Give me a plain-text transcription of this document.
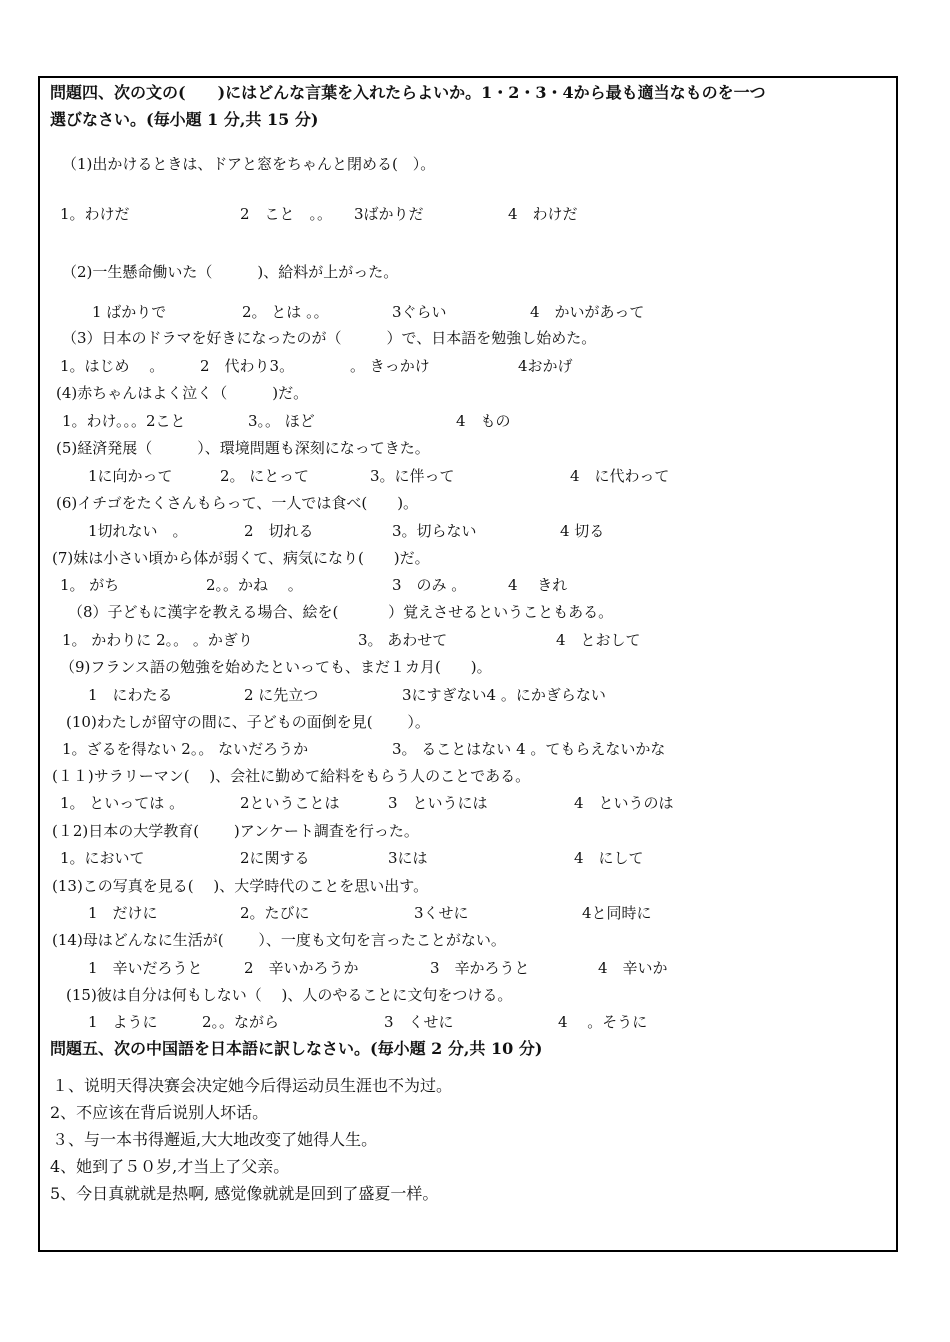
問題四、次の文の(　　)にはどんな言葉を入れたらよいか。1・2・3・4から最も適当なものを一つ
選びなさい。(毎小題 1 分,共 15 分)
（1)出かけるときは、ドアと窓をちゃんと閉める(　）。
1。わけだ	2　こと　。。 3ばかりだ	4　わけだ
（2)一生懸命働いた（　　　)、給料が上がった。
1 ばかりで	2。 とは 。。	3ぐらい	4　かいがあって
（3）日本のドラマを好きになったのが（　　　）で、日本語を勉強し始めた。
1。はじめ　 。 2　代わり3。	。 きっかけ	4おかげ
(4)赤ちゃんはよく泣く（　　　)だ。
1。わけ。。。2こと	3。。 ほど	4　もの
(5)経済発展（　　　）、環境問題も深刻になってきた。
1に向かって	2。 にとって	3。に伴って	4　に代わって
(6)イチゴをたくさんもらって、一人では食べ(　　)。
1切れない　。	2　切れる	3。切らない	4 切る
(7)妹は小さい頃から体が弱くて、病気になり(　　)だ。
1。 がち	2。。かね　 。	3　のみ 。	4　 きれ
（8）子どもに漢字を教える場合、絵を(　　　 ）覚えさせるということもある。
1。 かわりに 2。。 。かぎり	3。 あわせて	4　とおして
（9)フランス語の勉強を始めたといっても、まだ１カ月(　　)。
1　にわたる	2 に先立つ	3にすぎない4 。にかぎらない
(10)わたしが留守の間に、子どもの面倒を見(　　 ）。
1。ざるを得ない 2。。 ないだろうか	3。 ることはない 4 。てもらえないかな
(１１)サラリーマン(　 )、会社に勤めて給料をもらう人のことである。
1。 といっては 。	2ということは	3　というには	4　というのは
(１2)日本の大学教育(　　 )アンケート調査を行った。
1。において	2に関する	3には	4　にして
(13)この写真を見る(　 )、大学時代のことを思い出す。
1　だけに	2。たびに	3くせに	4と同時に
(14)母はどんなに生活が(　　 ）、一度も文句を言ったことがない。
1　辛いだろうと	2　辛いかろうか	3　辛かろうと	4　辛いか
(15)彼は自分は何もしない（　 )、人のやることに文句をつける。
1　ように	2。。ながら	3　くせに	4　 。そうに
問題五、次の中国語を日本語に訳しなさい。(毎小題 2 分,共 10 分)
１、说明天得决赛会决定她今后得运动员生涯也不为过。
2、不应该在背后说别人坏话。
３、与一本书得邂逅,大大地改变了她得人生。
4、她到了５０岁,才当上了父亲。
5、今日真就就是热啊, 感觉像就就是回到了盛夏一样。
